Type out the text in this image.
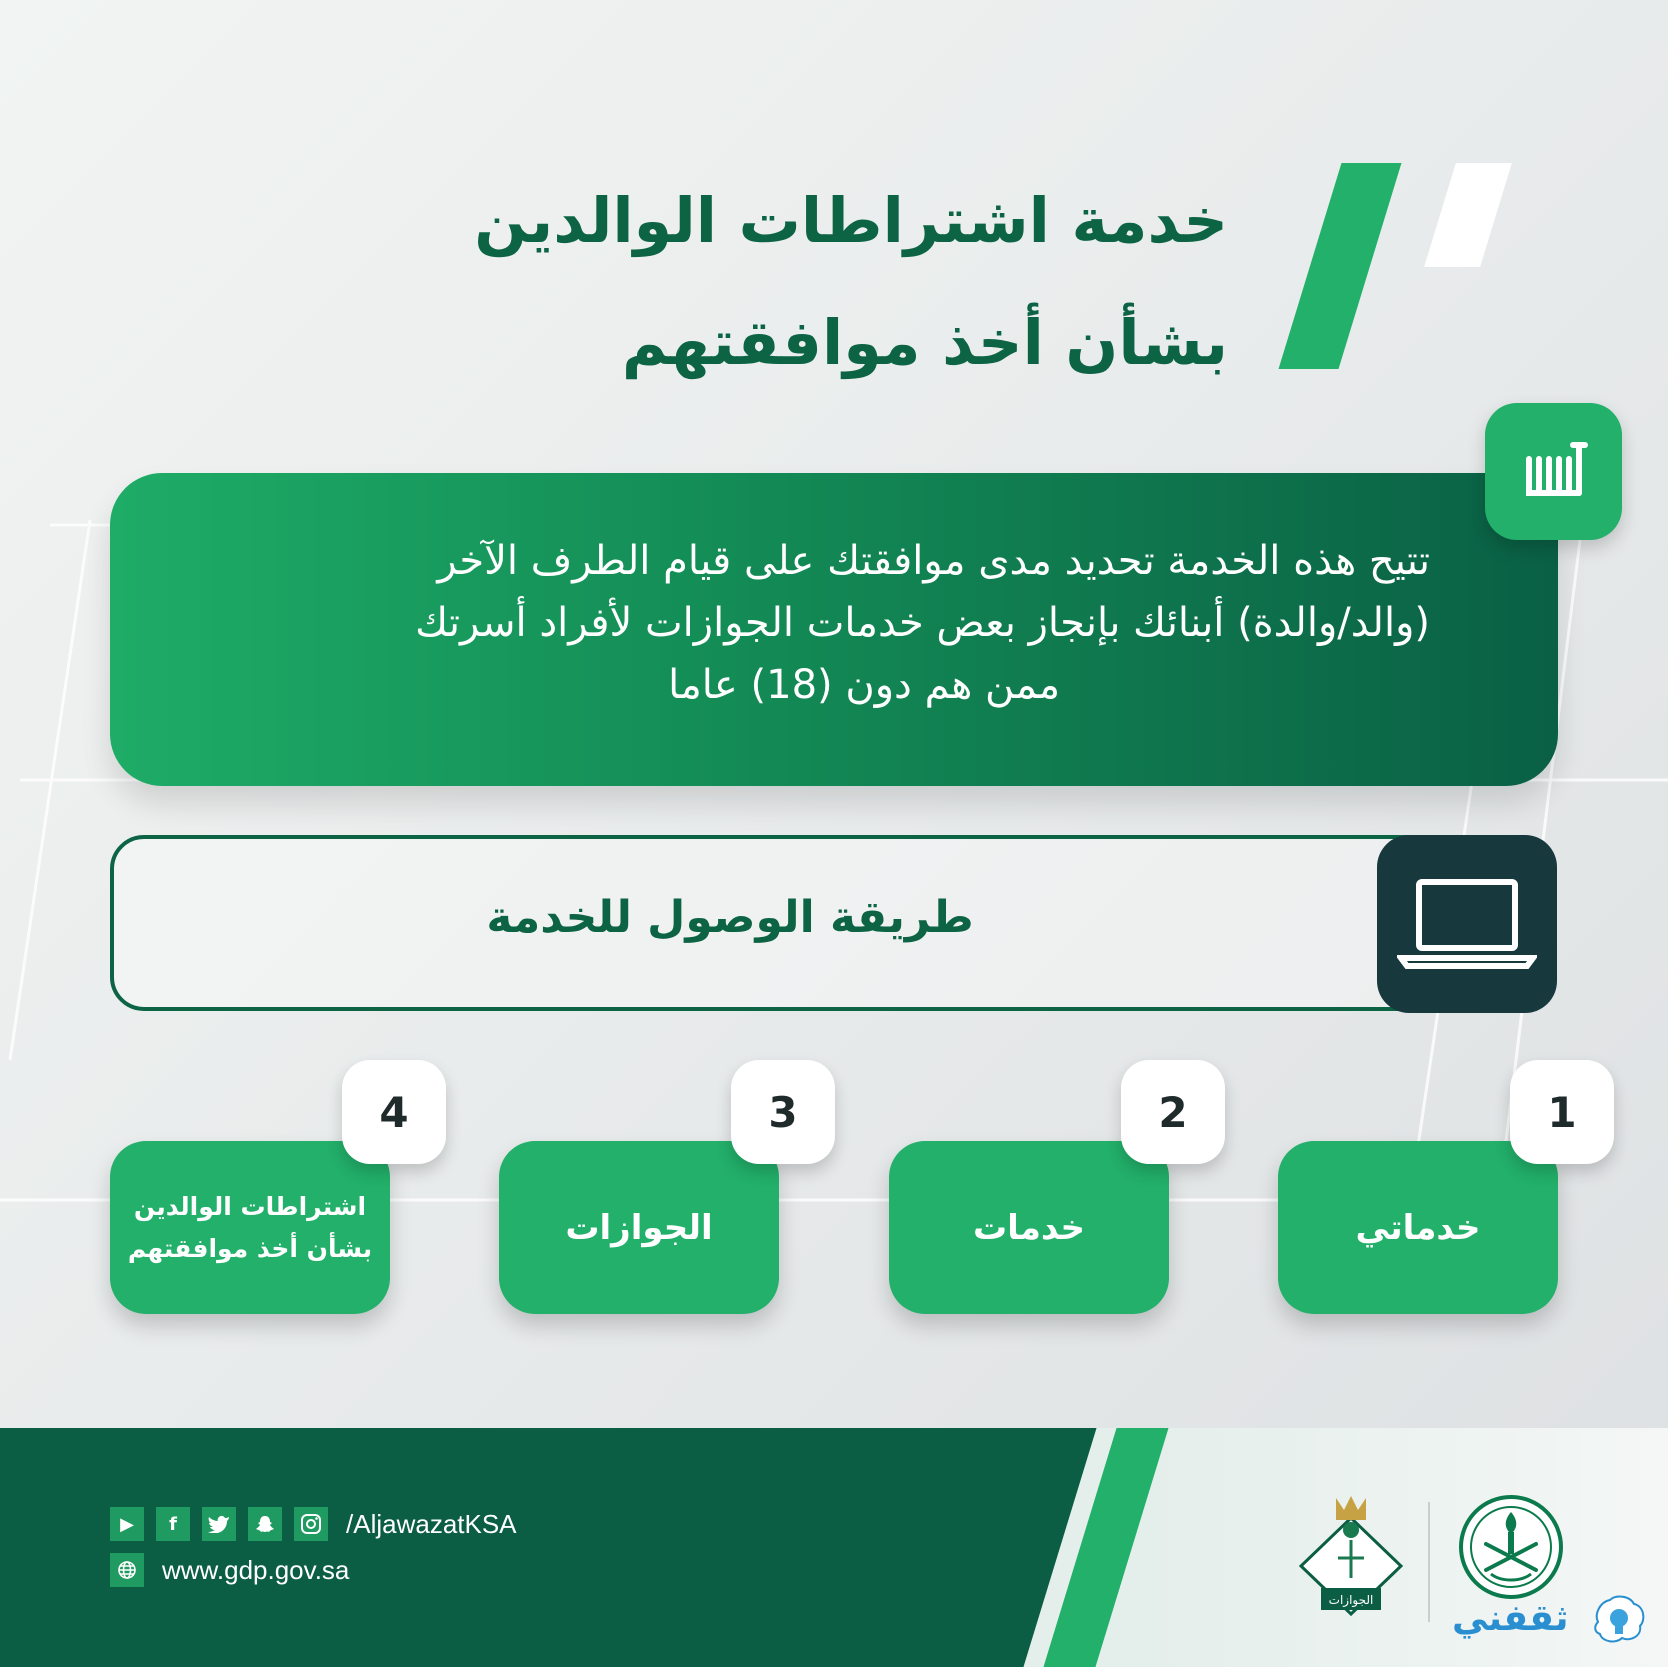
خدمة اشتراطات الوالدين
بشأن أخذ موافقتهم
تتيح هذه الخدمة تحديد مدى موافقتك على قيام الطرف الآخر
(والد/والدة) أبنائك بإنجاز بعض خدمات الجوازات لأفراد أسرتك
ممن هم دون (18) عاما
طريقة الوصول للخدمة
خدماتي
1
خدمات
2
الجوازات
3
اشتراطات الوالدين
بشأن أخذ موافقتهم
4
▶	f	/AljawazatKSA
www.gdp.gov.sa
الجوازات ثقفني
